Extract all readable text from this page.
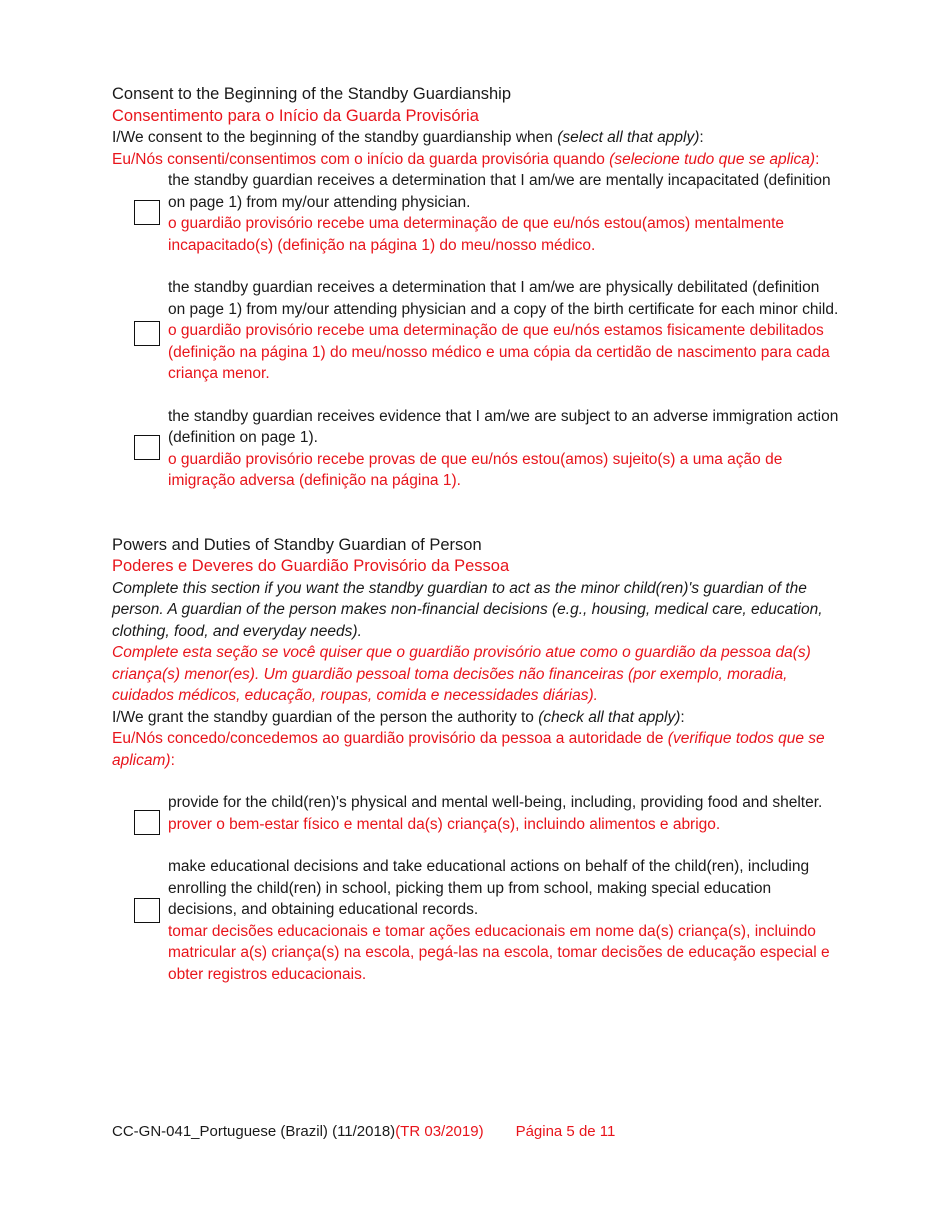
Consent to the Beginning of the Standby Guardianship
Consentimento para o Início da Guarda Provisória
I/We consent to the beginning of the standby guardianship when (select all that apply):
Eu/Nós consenti/consentimos com o início da guarda provisória quando (selecione tudo que se aplica):
the standby guardian receives a determination that I am/we are mentally incapacitated (definition on page 1) from my/our attending physician.
o guardião provisório recebe uma determinação de que eu/nós estou(amos) mentalmente incapacitado(s) (definição na página 1) do meu/nosso médico.
the standby guardian receives a determination that I am/we are physically debilitated (definition on page 1) from my/our attending physician and a copy of the birth certificate for each minor child.
o guardião provisório recebe uma determinação de que eu/nós estamos fisicamente debilitados (definição na página 1) do meu/nosso médico e uma cópia da certidão de nascimento para cada criança menor.
the standby guardian receives evidence that I am/we are subject to an adverse immigration action (definition on page 1).
o guardião provisório recebe provas de que eu/nós estou(amos) sujeito(s) a uma ação de imigração adversa (definição na página 1).
Powers and Duties of Standby Guardian of Person
Poderes e Deveres do Guardião Provisório da Pessoa
Complete this section if you want the standby guardian to act as the minor child(ren)'s guardian of the person. A guardian of the person makes non-financial decisions (e.g., housing, medical care, education, clothing, food, and everyday needs).
Complete esta seção se você quiser que o guardião provisório atue como o guardião da pessoa da(s) criança(s) menor(es). Um guardião pessoal toma decisões não financeiras (por exemplo, moradia, cuidados médicos, educação, roupas, comida e necessidades diárias).
I/We grant the standby guardian of the person the authority to (check all that apply):
Eu/Nós concedo/concedemos ao guardião provisório da pessoa a autoridade de (verifique todos que se aplicam):
provide for the child(ren)'s physical and mental well-being, including, providing food and shelter.
prover o bem-estar físico e mental da(s) criança(s), incluindo alimentos e abrigo.
make educational decisions and take educational actions on behalf of the child(ren), including enrolling the child(ren) in school, picking them up from school, making special education decisions, and obtaining educational records.
tomar decisões educacionais e tomar ações educacionais em nome da(s) criança(s), incluindo matricular a(s) criança(s) na escola, pegá-las na escola, tomar decisões de educação especial e obter registros educacionais.
CC-GN-041_Portuguese (Brazil) (11/2018)(TR 03/2019) Página 5 de 11
